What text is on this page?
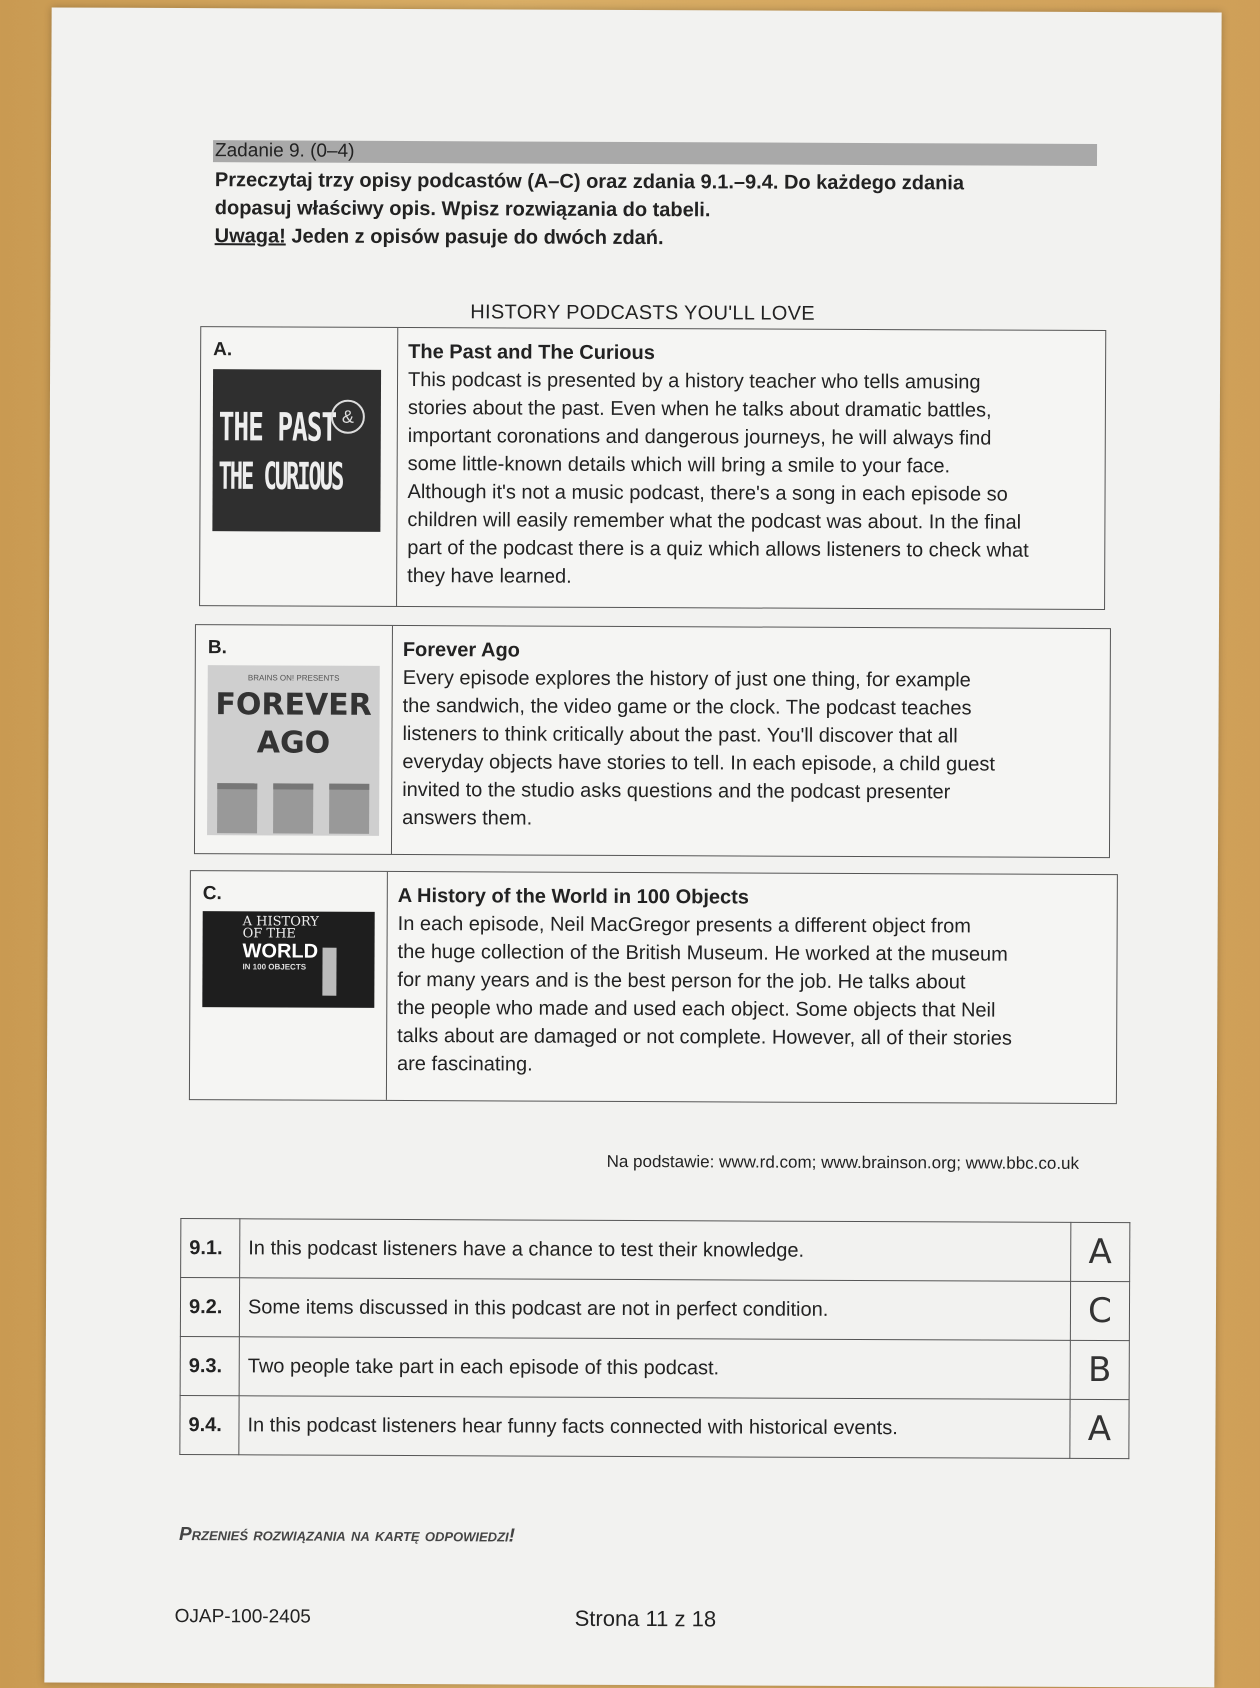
Zadanie 9. (0–4)
Przeczytaj trzy opisy podcastów (A–C) oraz zdania 9.1.–9.4. Do każdego zdania
dopasuj właściwy opis. Wpisz rozwiązania do tabeli.
Uwaga! Jeden z opisów pasuje do dwóch zdań.
HISTORY PODCASTS YOU'LL LOVE
A.
THE PAST &
THE CURIOUS
The Past and The Curious
This podcast is presented by a history teacher who tells amusing
stories about the past. Even when he talks about dramatic battles,
important coronations and dangerous journeys, he will always find
some little-known details which will bring a smile to your face.
Although it's not a music podcast, there's a song in each episode so
children will easily remember what the podcast was about. In the final
part of the podcast there is a quiz which allows listeners to check what
they have learned.
B.
BRAINS ON! PRESENTS
FOREVER
AGO
Forever Ago
Every episode explores the history of just one thing, for example
the sandwich, the video game or the clock. The podcast teaches
listeners to think critically about the past. You'll discover that all
everyday objects have stories to tell. In each episode, a child guest
invited to the studio asks questions and the podcast presenter
answers them.
C.
A HISTORY
OF THE
WORLD
IN 100 OBJECTS
A History of the World in 100 Objects
In each episode, Neil MacGregor presents a different object from
the huge collection of the British Museum. He worked at the museum
for many years and is the best person for the job. He talks about
the people who made and used each object. Some objects that Neil
talks about are damaged or not complete. However, all of their stories
are fascinating.
Na podstawie: www.rd.com; www.brainson.org; www.bbc.co.uk
9.1.	In this podcast listeners have a chance to test their knowledge.	A
9.2.	Some items discussed in this podcast are not in perfect condition.	C
9.3.	Two people take part in each episode of this podcast.	B
9.4.	In this podcast listeners hear funny facts connected with historical events.	A
Przenieś rozwiązania na kartę odpowiedzi!
OJAP-100-2405	Strona 11 z 18
